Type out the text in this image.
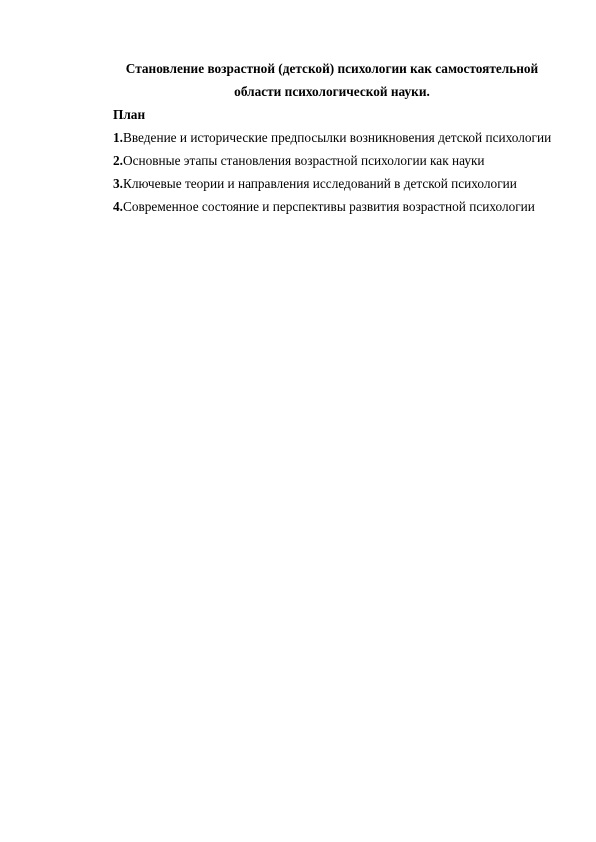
Становление возрастной (детской) психологии как самостоятельной
области психологической науки.

План

1.Введение и исторические предпосылки возникновения детской психологии

2.Основные этапы становления возрастной психологии как науки

3.Ключевые теории и направления исследований в детской психологии

4.Современное состояние и перспективы развития возрастной психологии
